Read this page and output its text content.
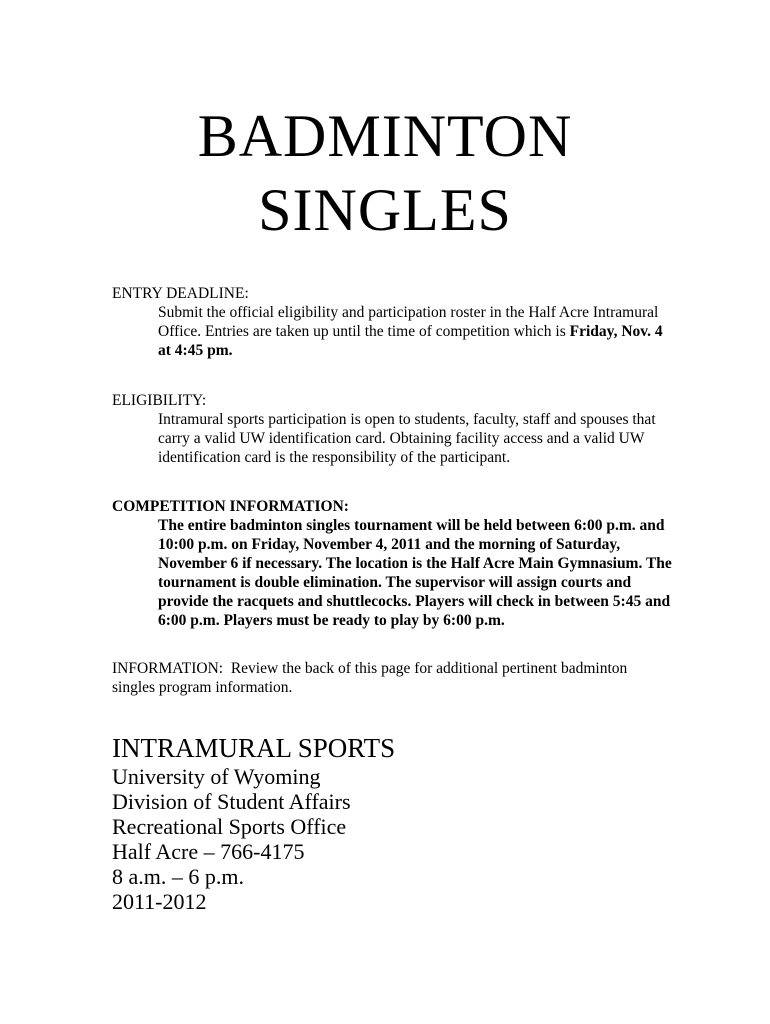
BADMINTON
SINGLES
ENTRY DEADLINE:
Submit the official eligibility and participation roster in the Half Acre Intramural Office. Entries are taken up until the time of competition which is Friday, Nov. 4 at 4:45 pm.
ELIGIBILITY:
Intramural sports participation is open to students, faculty, staff and spouses that carry a valid UW identification card. Obtaining facility access and a valid UW identification card is the responsibility of the participant.
COMPETITION INFORMATION:
The entire badminton singles tournament will be held between 6:00 p.m. and 10:00 p.m. on Friday, November 4, 2011 and the morning of Saturday, November 6 if necessary. The location is the Half Acre Main Gymnasium. The tournament is double elimination. The supervisor will assign courts and provide the racquets and shuttlecocks. Players will check in between 5:45 and 6:00 p.m. Players must be ready to play by 6:00 p.m.
INFORMATION: Review the back of this page for additional pertinent badminton singles program information.
INTRAMURAL SPORTS
University of Wyoming
Division of Student Affairs
Recreational Sports Office
Half Acre – 766-4175
8 a.m. – 6 p.m.
2011-2012
